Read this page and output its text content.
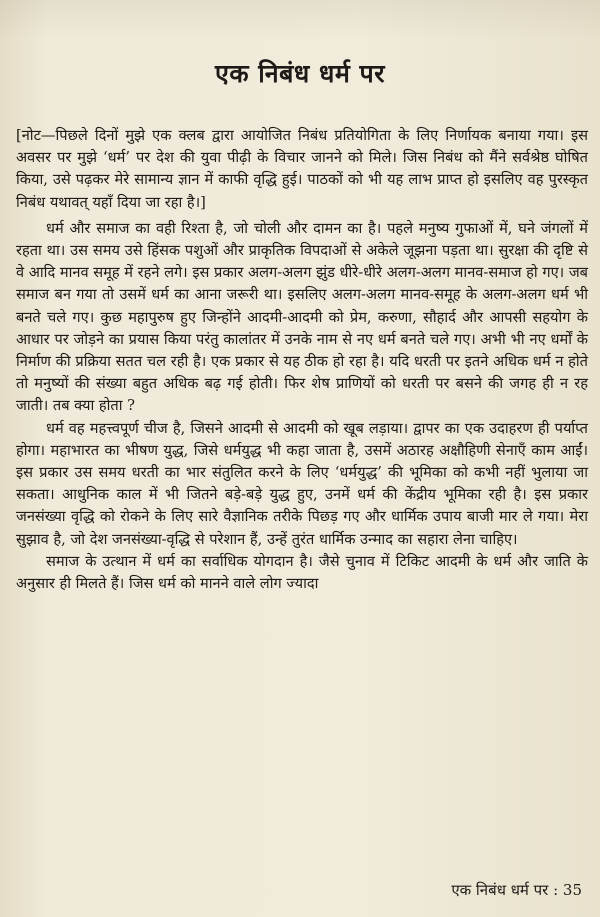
एक निबंध धर्म पर

[नोट—पिछले दिनों मुझे एक क्लब द्वारा आयोजित निबंध प्रतियोगिता के लिए निर्णायक बनाया गया। इस अवसर पर मुझे ‘धर्म’ पर देश की युवा पीढ़ी के विचार जानने को मिले। जिस निबंध को मैंने सर्वश्रेष्ठ घोषित किया, उसे पढ़कर मेरे सामान्य ज्ञान में काफी वृद्धि हुई। पाठकों को भी यह लाभ प्राप्त हो इसलिए वह पुरस्कृत निबंध यथावत् यहाँ दिया जा रहा है।]

धर्म और समाज का वही रिश्ता है, जो चोली और दामन का है। पहले मनुष्य गुफाओं में, घने जंगलों में रहता था। उस समय उसे हिंसक पशुओं और प्राकृतिक विपदाओं से अकेले जूझना पड़ता था। सुरक्षा की दृष्टि से वे आदि मानव समूह में रहने लगे। इस प्रकार अलग-अलग झुंड धीरे-धीरे अलग-अलग मानव-समाज हो गए। जब समाज बन गया तो उसमें धर्म का आना जरूरी था। इसलिए अलग-अलग मानव-समूह के अलग-अलग धर्म भी बनते चले गए। कुछ महापुरुष हुए जिन्होंने आदमी-आदमी को प्रेम, करुणा, सौहार्द और आपसी सहयोग के आधार पर जोड़ने का प्रयास किया परंतु कालांतर में उनके नाम से नए धर्म बनते चले गए। अभी भी नए धर्मों के निर्माण की प्रक्रिया सतत चल रही है। एक प्रकार से यह ठीक हो रहा है। यदि धरती पर इतने अधिक धर्म न होते तो मनुष्यों की संख्या बहुत अधिक बढ़ गई होती। फिर शेष प्राणियों को धरती पर बसने की जगह ही न रह जाती। तब क्या होता ?

धर्म वह महत्त्वपूर्ण चीज है, जिसने आदमी से आदमी को खूब लड़ाया। द्वापर का एक उदाहरण ही पर्याप्त होगा। महाभारत का भीषण युद्ध, जिसे धर्मयुद्ध भी कहा जाता है, उसमें अठारह अक्षौहिणी सेनाएँ काम आईं। इस प्रकार उस समय धरती का भार संतुलित करने के लिए ‘धर्मयुद्ध’ की भूमिका को कभी नहीं भुलाया जा सकता। आधुनिक काल में भी जितने बड़े-बड़े युद्ध हुए, उनमें धर्म की केंद्रीय भूमिका रही है। इस प्रकार जनसंख्या वृद्धि को रोकने के लिए सारे वैज्ञानिक तरीके पिछड़ गए और धार्मिक उपाय बाजी मार ले गया। मेरा सुझाव है, जो देश जनसंख्या-वृद्धि से परेशान हैं, उन्हें तुरंत धार्मिक उन्माद का सहारा लेना चाहिए।

समाज के उत्थान में धर्म का सर्वाधिक योगदान है। जैसे चुनाव में टिकिट आदमी के धर्म और जाति के अनुसार ही मिलते हैं। जिस धर्म को मानने वाले लोग ज्यादा

एक निबंध धर्म पर : 35
